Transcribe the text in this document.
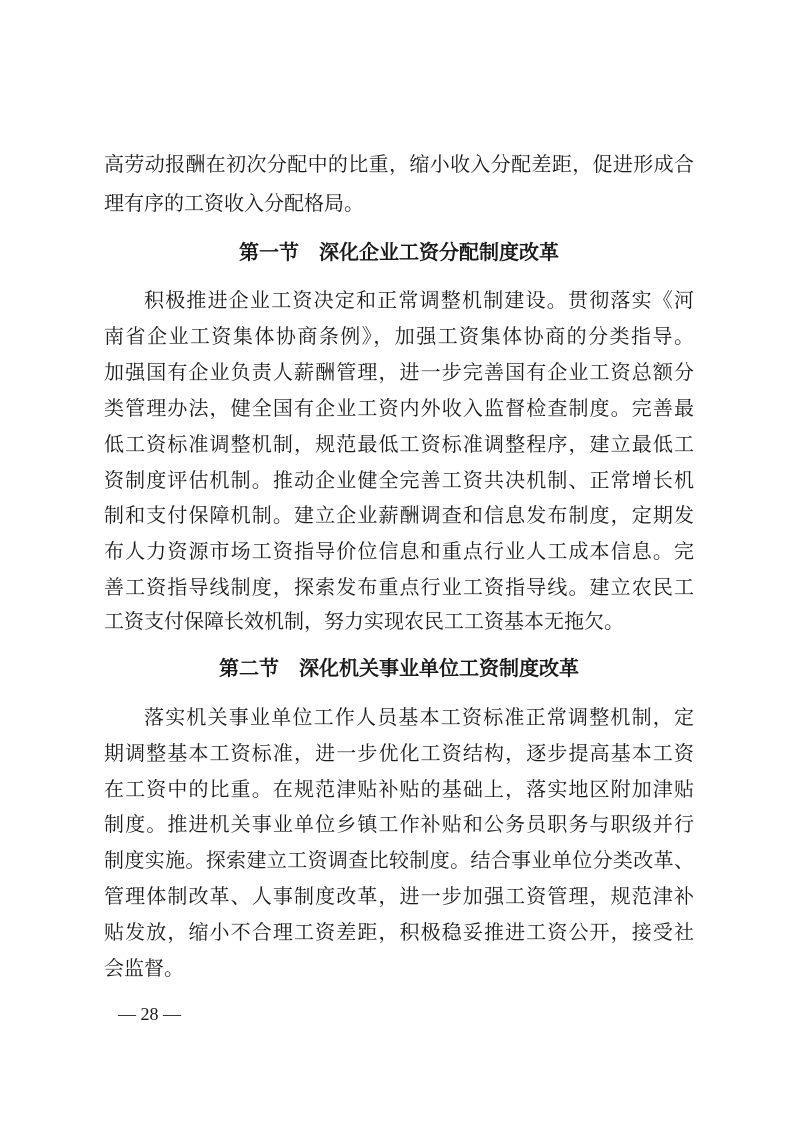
高劳动报酬在初次分配中的比重，缩小收入分配差距，促进形成合
理有序的工资收入分配格局。
第一节　深化企业工资分配制度改革
积极推进企业工资决定和正常调整机制建设。贯彻落实《河
南省企业工资集体协商条例》，加强工资集体协商的分类指导。
加强国有企业负责人薪酬管理，进一步完善国有企业工资总额分
类管理办法，健全国有企业工资内外收入监督检查制度。完善最
低工资标准调整机制，规范最低工资标准调整程序，建立最低工
资制度评估机制。推动企业健全完善工资共决机制、正常增长机
制和支付保障机制。建立企业薪酬调查和信息发布制度，定期发
布人力资源市场工资指导价位信息和重点行业人工成本信息。完
善工资指导线制度，探索发布重点行业工资指导线。建立农民工
工资支付保障长效机制，努力实现农民工工资基本无拖欠。
第二节　深化机关事业单位工资制度改革
落实机关事业单位工作人员基本工资标准正常调整机制，定
期调整基本工资标准，进一步优化工资结构，逐步提高基本工资
在工资中的比重。在规范津贴补贴的基础上，落实地区附加津贴
制度。推进机关事业单位乡镇工作补贴和公务员职务与职级并行
制度实施。探索建立工资调查比较制度。结合事业单位分类改革、
管理体制改革、人事制度改革，进一步加强工资管理，规范津补
贴发放，缩小不合理工资差距，积极稳妥推进工资公开，接受社
会监督。
— 28 —
